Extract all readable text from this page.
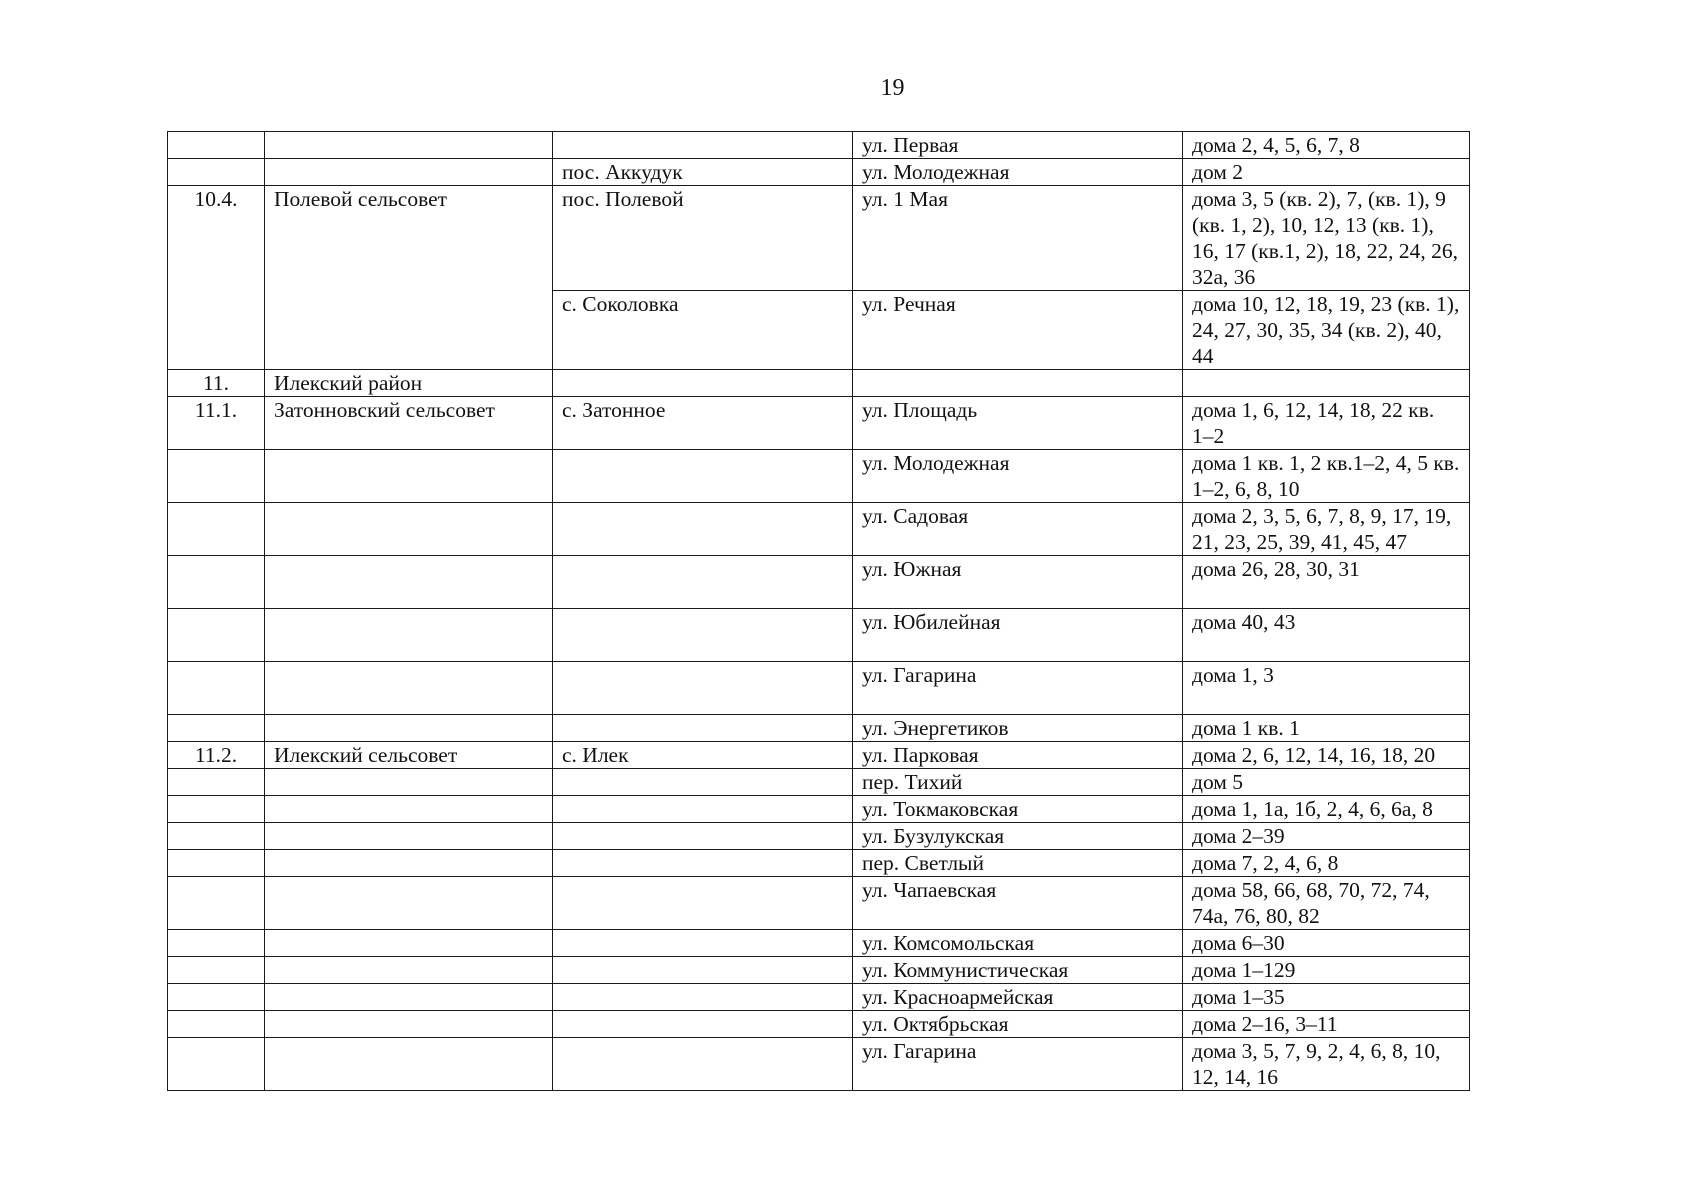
19
			ул. Первая	дома 2, 4, 5, 6, 7, 8
		пос. Аккудук	ул. Молодежная	дом 2
10.4.	Полевой сельсовет	пос. Полевой	ул. 1 Мая	дома 3, 5 (кв. 2), 7, (кв. 1), 9 (кв. 1, 2), 10, 12, 13 (кв. 1), 16, 17 (кв.1, 2), 18, 22, 24, 26, 32а, 36
		с. Соколовка	ул. Речная	дома 10, 12, 18, 19, 23 (кв. 1), 24, 27, 30, 35, 34 (кв. 2), 40, 44
11.	Илекский район			
11.1.	Затонновский сельсовет	с. Затонное	ул. Площадь	дома 1, 6, 12, 14, 18, 22 кв. 1–2
			ул. Молодежная	дома 1 кв. 1, 2 кв.1–2, 4, 5 кв. 1–2, 6, 8, 10
			ул. Садовая	дома 2, 3, 5, 6, 7, 8, 9, 17, 19, 21, 23, 25, 39, 41, 45, 47
			ул. Южная	дома 26, 28, 30, 31
			ул. Юбилейная	дома 40, 43
			ул. Гагарина	дома 1, 3
			ул. Энергетиков	дома 1 кв. 1
11.2.	Илекский сельсовет	с. Илек	ул. Парковая	дома 2, 6, 12, 14, 16, 18, 20
			пер. Тихий	дом 5
			ул. Токмаковская	дома 1, 1а, 1б, 2, 4, 6, 6а, 8
			ул. Бузулукская	дома 2–39
			пер. Светлый	дома 7, 2, 4, 6, 8
			ул. Чапаевская	дома 58, 66, 68, 70, 72, 74, 74а, 76, 80, 82
			ул. Комсомольская	дома 6–30
			ул. Коммунистическая	дома 1–129
			ул. Красноармейская	дома 1–35
			ул. Октябрьская	дома 2–16, 3–11
			ул. Гагарина	дома 3, 5, 7, 9, 2, 4, 6, 8, 10, 12, 14, 16
